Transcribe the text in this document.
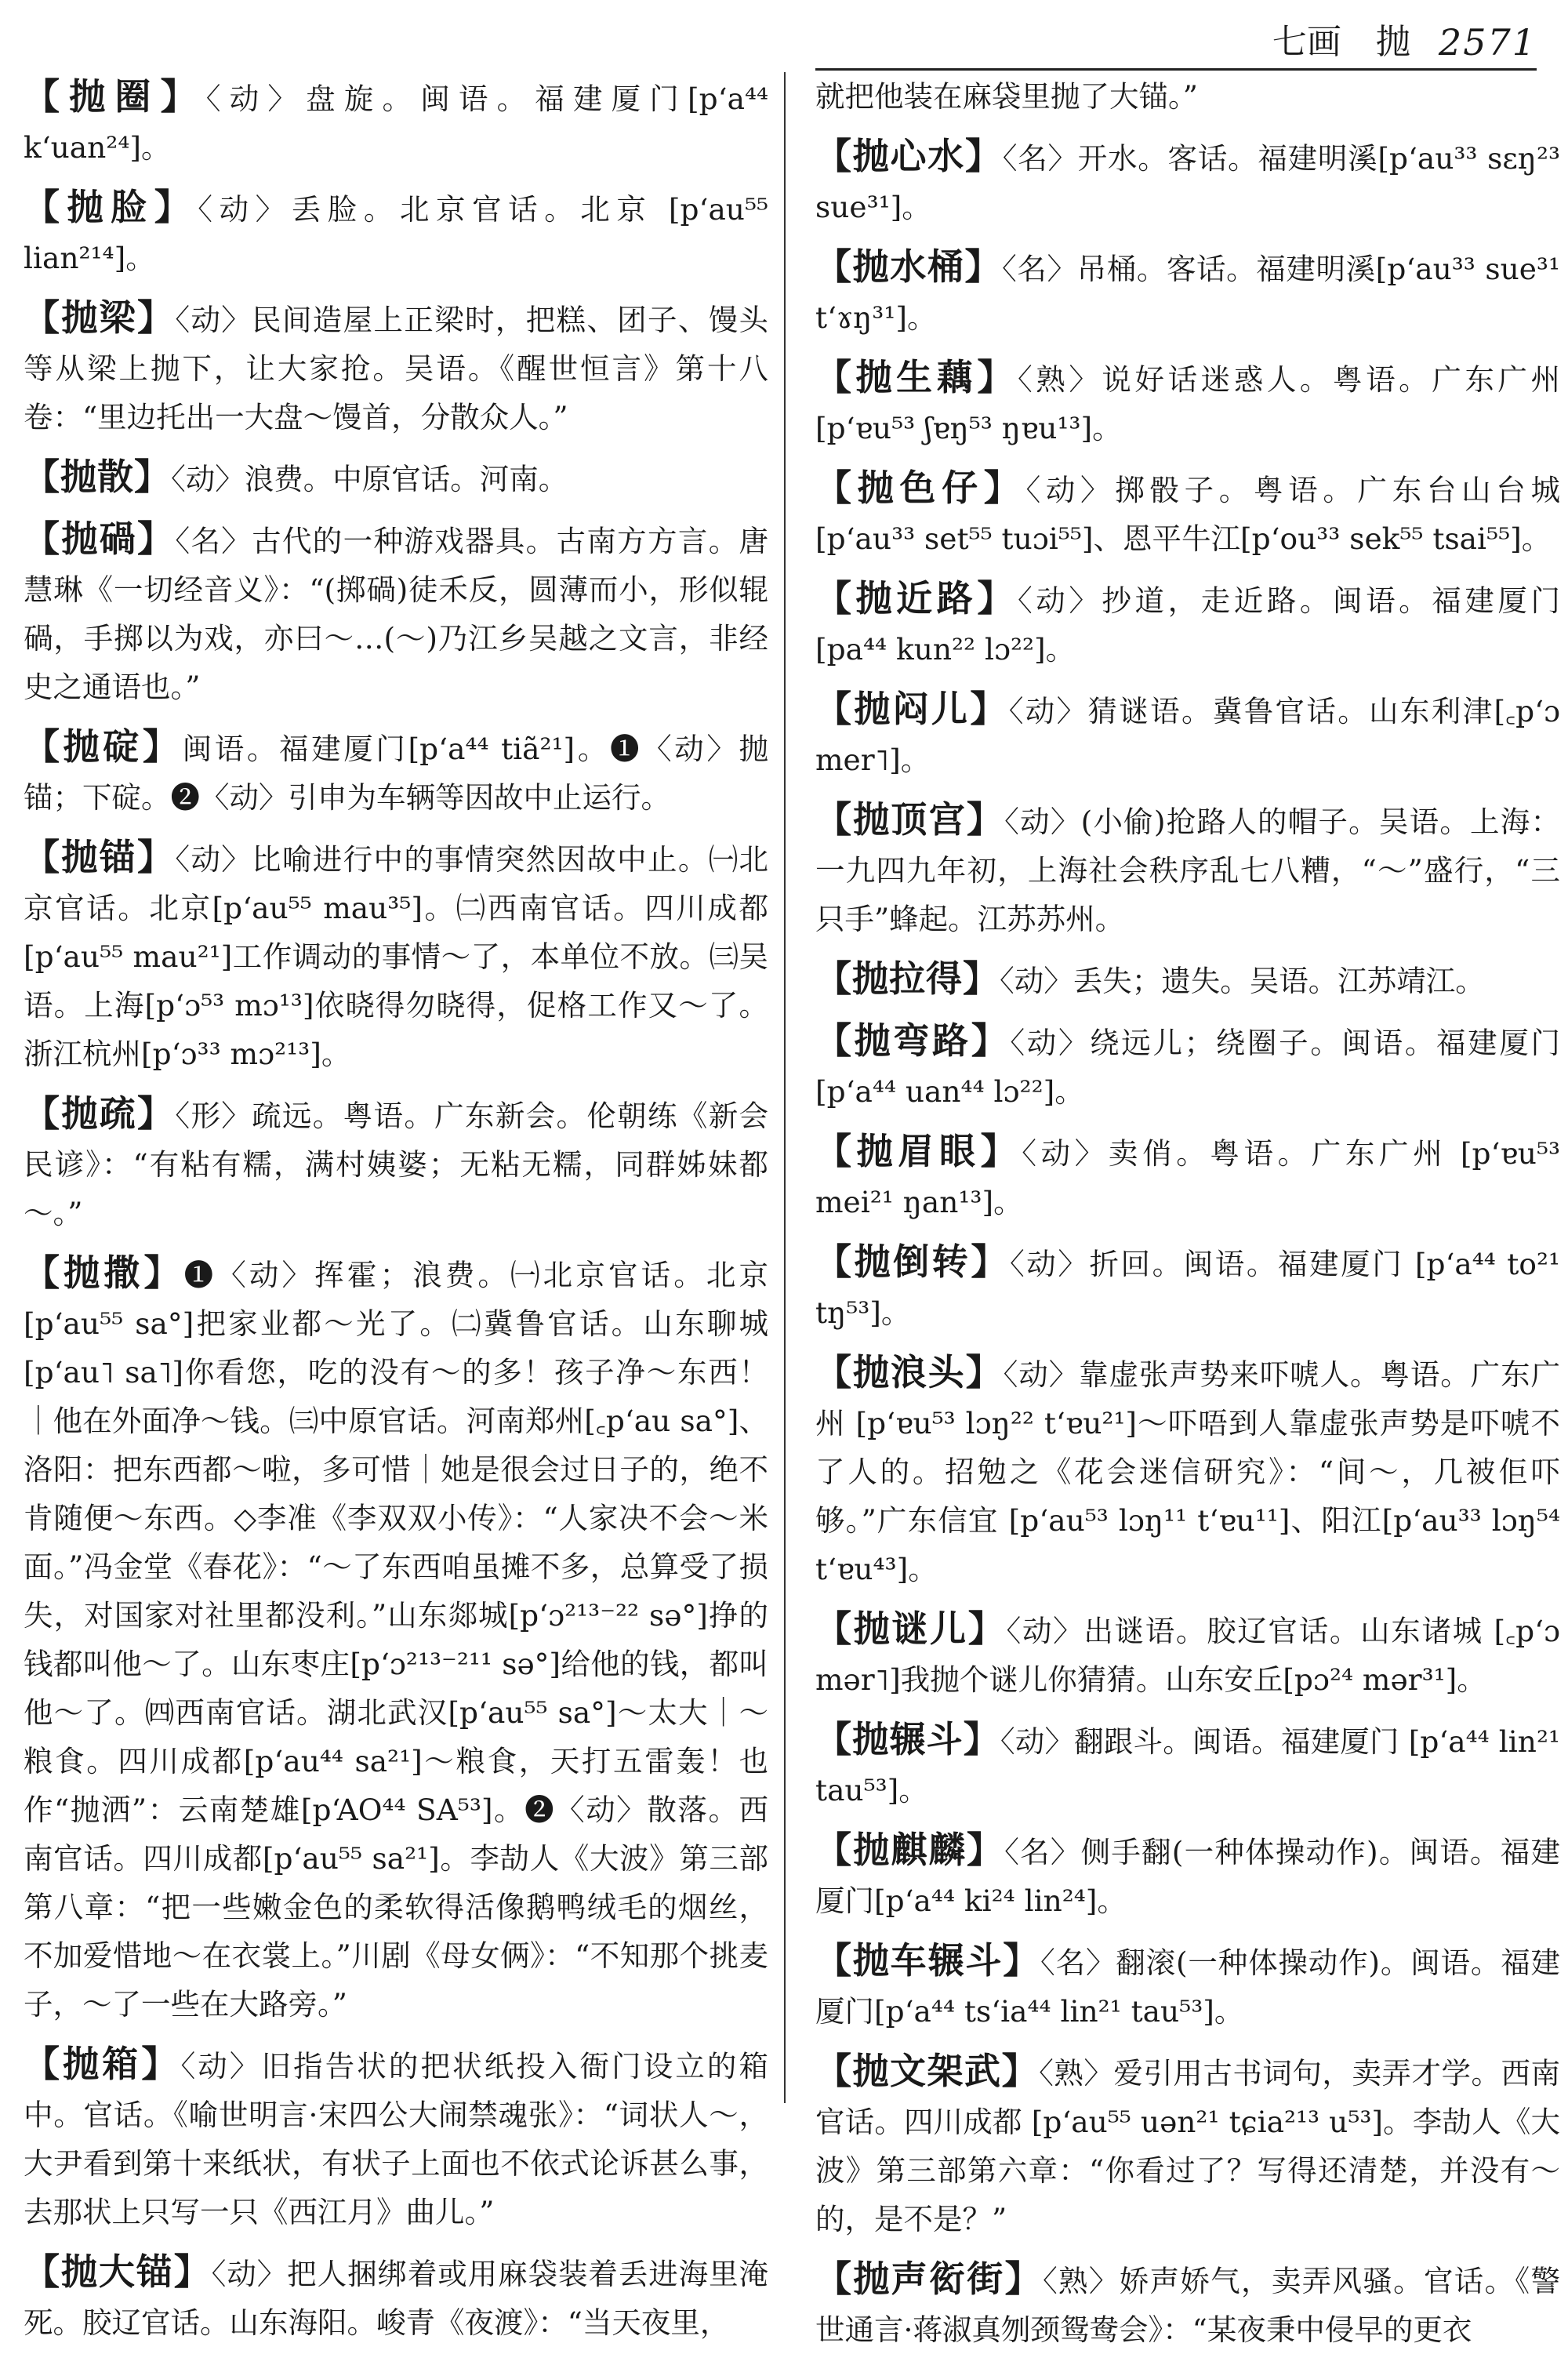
七画　抛 2571

【 抛圈 】 〈动〉盘旋。闽语。福建厦门[pʻa⁴⁴ kʻuan²⁴]。

【 抛脸 】 〈动〉丢脸。北京官话。北京 [pʻau⁵⁵ lian²¹⁴]。

【 抛梁 】 〈动〉民间造屋上正梁时，把糕、团子、馒头等从梁上抛下，让大家抢。吴语。《醒世恒言》第十八卷：“里边托出一大盘～馒首，分散众人。”

【 抛散 】 〈动〉浪费。中原官话。河南。

【 抛碢 】 〈名〉古代的一种游戏器具。古南方方言。唐慧琳《一切经音义》：“(掷碢)徒禾反，圆薄而小，形似辊碢，手掷以为戏，亦曰～…(～)乃江乡吴越之文言，非经史之通语也。”

【 抛碇 】 闽语。福建厦门[pʻa⁴⁴ tiã²¹]。❶〈动〉抛锚；下碇。❷〈动〉引申为车辆等因故中止运行。

【 抛锚 】 〈动〉比喻进行中的事情突然因故中止。㈠北京官话。北京[pʻau⁵⁵ mau³⁵]。㈡西南官话。四川成都[pʻau⁵⁵ mau²¹]工作调动的事情～了，本单位不放。㈢吴语。上海[pʻɔ⁵³ mɔ¹³]依晓得勿晓得，促格工作又～了。浙江杭州[pʻɔ³³ mɔ²¹³]。

【 抛疏 】 〈形〉疏远。粤语。广东新会。伦朝练《新会民谚》：“有粘有糯，满村姨婆；无粘无糯，同群姊妹都～。”

【 抛撒 】 ❶〈动〉挥霍；浪费。㈠北京官话。北京[pʻau⁵⁵ sa°]把家业都～光了。㈡冀鲁官话。山东聊城[pʻau˥ sa˥]你看您，吃的没有～的多！孩子净～东西！｜他在外面净～钱。㈢中原官话。河南郑州[꜀pʻau sa°]、洛阳：把东西都～啦，多可惜｜她是很会过日子的，绝不肯随便～东西。◇李准《李双双小传》：“人家决不会～米面。”冯金堂《春花》：“～了东西咱虽摊不多，总算受了损失，对国家对社里都没利。”山东郯城[pʻɔ²¹³⁻²² sə°]挣的钱都叫他～了。山东枣庄[pʻɔ²¹³⁻²¹¹ sə°]给他的钱，都叫他～了。㈣西南官话。湖北武汉[pʻau⁵⁵ sa°]～太大｜～粮食。四川成都[pʻau⁴⁴ sa²¹]～粮食，天打五雷轰！也作“抛洒”：云南楚雄[pʻAO⁴⁴ SA⁵³]。❷〈动〉散落。西南官话。四川成都[pʻau⁵⁵ sa²¹]。李劼人《大波》第三部第八章：“把一些嫩金色的柔软得活像鹅鸭绒毛的烟丝，不加爱惜地～在衣裳上。”川剧《母女俩》：“不知那个挑麦子，～了一些在大路旁。”

【 抛箱 】 〈动〉旧指告状的把状纸投入衙门设立的箱中。官话。《喻世明言·宋四公大闹禁魂张》：“词状人～，大尹看到第十来纸状，有状子上面也不依式论诉甚么事，去那状上只写一只《西江月》曲儿。”

【 抛大锚 】 〈动〉把人捆绑着或用麻袋装着丢进海里淹死。胶辽官话。山东海阳。峻青《夜渡》：“当天夜里，

就把他装在麻袋里抛了大锚。”

【 抛心水 】 〈名〉开水。客话。福建明溪[pʻau³³ sɛŋ²³ sue³¹]。

【 抛水桶 】 〈名〉吊桶。客话。福建明溪[pʻau³³ sue³¹ tʻɤŋ³¹]。

【 抛生藕 】 〈熟〉说好话迷惑人。粤语。广东广州[pʻɐu⁵³ ʃɐŋ⁵³ ŋɐu¹³]。

【 抛色仔 】 〈动〉掷骰子。粤语。广东台山台城 [pʻau³³ set⁵⁵ tuɔi⁵⁵]、恩平牛江[pʻou³³ sek⁵⁵ tsai⁵⁵]。

【 抛近路 】 〈动〉抄道，走近路。闽语。福建厦门 [pa⁴⁴ kun²² lɔ²²]。

【 抛闷儿 】 〈动〉猜谜语。冀鲁官话。山东利津[꜀pʻɔ mer˥]。

【 抛顶宫 】 〈动〉(小偷)抢路人的帽子。吴语。上海：一九四九年初，上海社会秩序乱七八糟，“～”盛行，“三只手”蜂起。江苏苏州。

【 抛拉得 】 〈动〉丢失；遗失。吴语。江苏靖江。

【 抛弯路 】 〈动〉绕远儿；绕圈子。闽语。福建厦门[pʻa⁴⁴ uan⁴⁴ lɔ²²]。

【 抛眉眼 】 〈动〉卖俏。粤语。广东广州 [pʻɐu⁵³ mei²¹ ŋan¹³]。

【 抛倒转 】 〈动〉折回。闽语。福建厦门 [pʻa⁴⁴ to²¹ tŋ⁵³]。

【 抛浪头 】 〈动〉靠虚张声势来吓唬人。粤语。广东广州 [pʻɐu⁵³ lɔŋ²² tʻɐu²¹]～吓唔到人靠虚张声势是吓唬不了人的。招勉之《花会迷信研究》：“间～，几被佢吓够。”广东信宜 [pʻau⁵³ lɔŋ¹¹ tʻɐu¹¹]、阳江[pʻau³³ lɔŋ⁵⁴ tʻɐu⁴³]。

【 抛谜儿 】 〈动〉出谜语。胶辽官话。山东诸城 [꜀pʻɔ mər˥]我抛个谜儿你猜猜。山东安丘[pɔ²⁴ mər³¹]。

【 抛辗斗 】 〈动〉翻跟斗。闽语。福建厦门 [pʻa⁴⁴ lin²¹ tau⁵³]。

【 抛麒麟 】 〈名〉侧手翻(一种体操动作)。闽语。福建厦门[pʻa⁴⁴ ki²⁴ lin²⁴]。

【 抛车辗斗 】 〈名〉翻滚(一种体操动作)。闽语。福建厦门[pʻa⁴⁴ tsʻia⁴⁴ lin²¹ tau⁵³]。

【 抛文架武 】 〈熟〉爱引用古书词句，卖弄才学。西南官话。四川成都 [pʻau⁵⁵ uən²¹ tɕia²¹³ u⁵³]。李劼人《大波》第三部第六章：“你看过了？写得还清楚，并没有～的，是不是？”

【 抛声衒街 】 〈熟〉娇声娇气，卖弄风骚。官话。《警世通言·蒋淑真刎颈鸳鸯会》：“某夜秉中侵早的更衣
